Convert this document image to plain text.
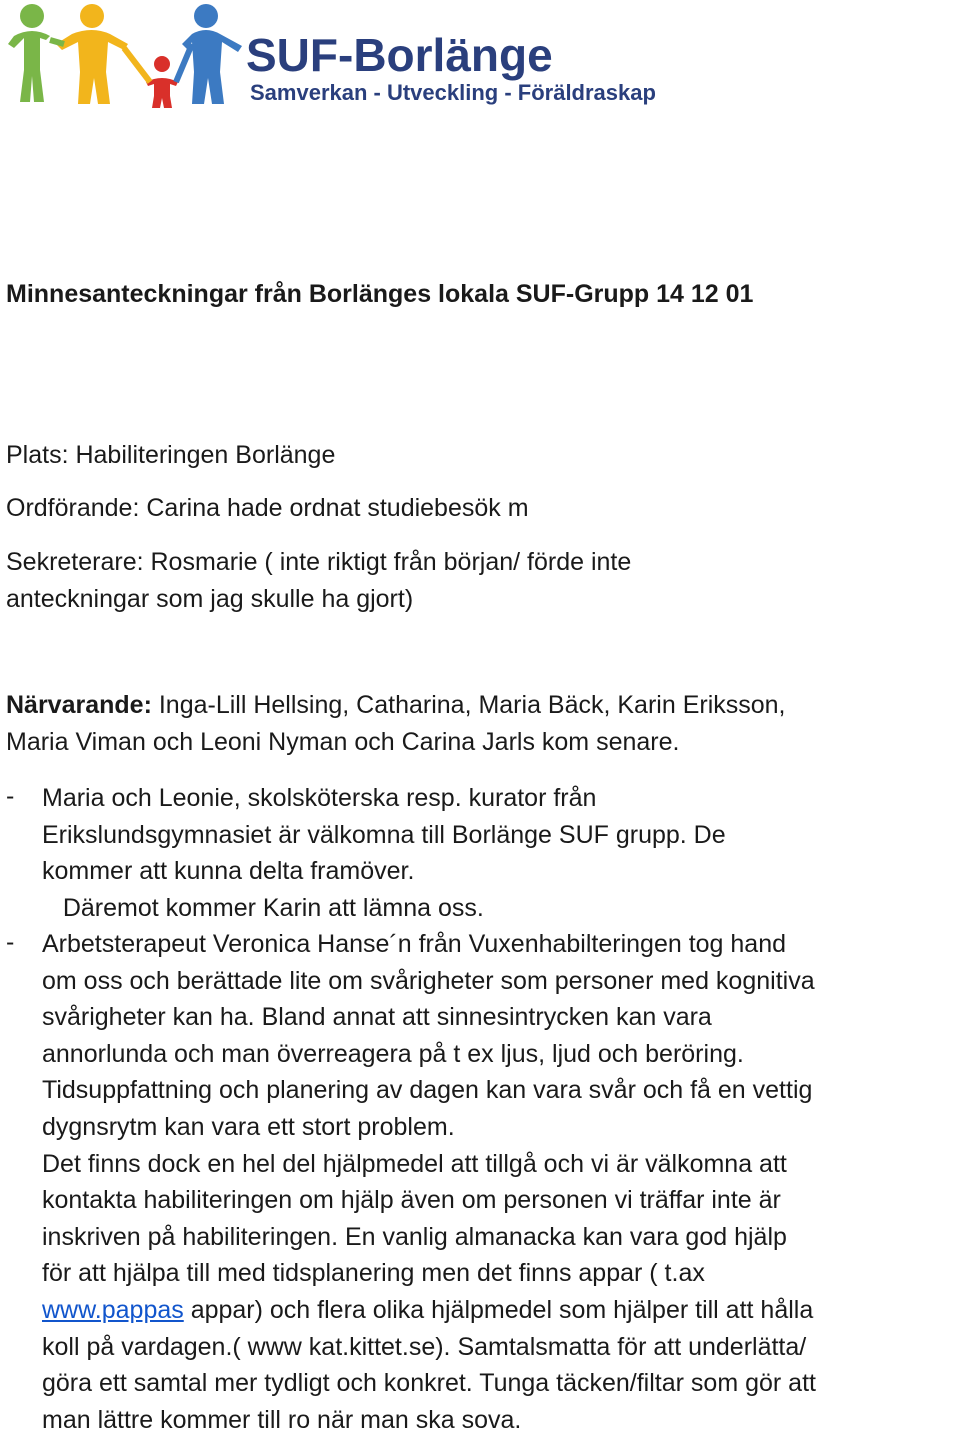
SUF-Borlänge
Samverkan - Utveckling - Föräldraskap
Minnesanteckningar från Borlänges lokala SUF-Grupp 14 12 01
Plats: Habiliteringen Borlänge
Ordförande: Carina hade ordnat studiebesök m
Sekreterare: Rosmarie ( inte riktigt från början/ förde inte
anteckningar som jag skulle ha gjort)
Närvarande: Inga-Lill Hellsing, Catharina, Maria Bäck, Karin Eriksson,
Maria Viman och Leoni Nyman och Carina Jarls kom senare.
- Maria och Leonie, skolsköterska resp. kurator från

Erikslundsgymnasiet är välkomna till Borlänge SUF grupp. De

kommer att kunna delta framöver.

Däremot kommer Karin att lämna oss.

- Arbetsterapeut Veronica Hanse´n från Vuxenhabilteringen tog hand

om oss och berättade lite om svårigheter som personer med kognitiva

svårigheter kan ha. Bland annat att sinnesintrycken kan vara

annorlunda och man överreagera på t ex ljus, ljud och beröring.

Tidsuppfattning och planering av dagen kan vara svår och få en vettig

dygnsrytm kan vara ett stort problem.

Det finns dock en hel del hjälpmedel att tillgå och vi är välkomna att

kontakta habiliteringen om hjälp även om personen vi träffar inte är

inskriven på habiliteringen. En vanlig almanacka kan vara god hjälp

för att hjälpa till med tidsplanering men det finns appar ( t.ax

www.pappas appar) och flera olika hjälpmedel som hjälper till att hålla

koll på vardagen.( www kat.kittet.se). Samtalsmatta för att underlätta/

göra ett samtal mer tydligt och konkret. Tunga täcken/filtar som gör att

man lättre kommer till ro när man ska sova.
